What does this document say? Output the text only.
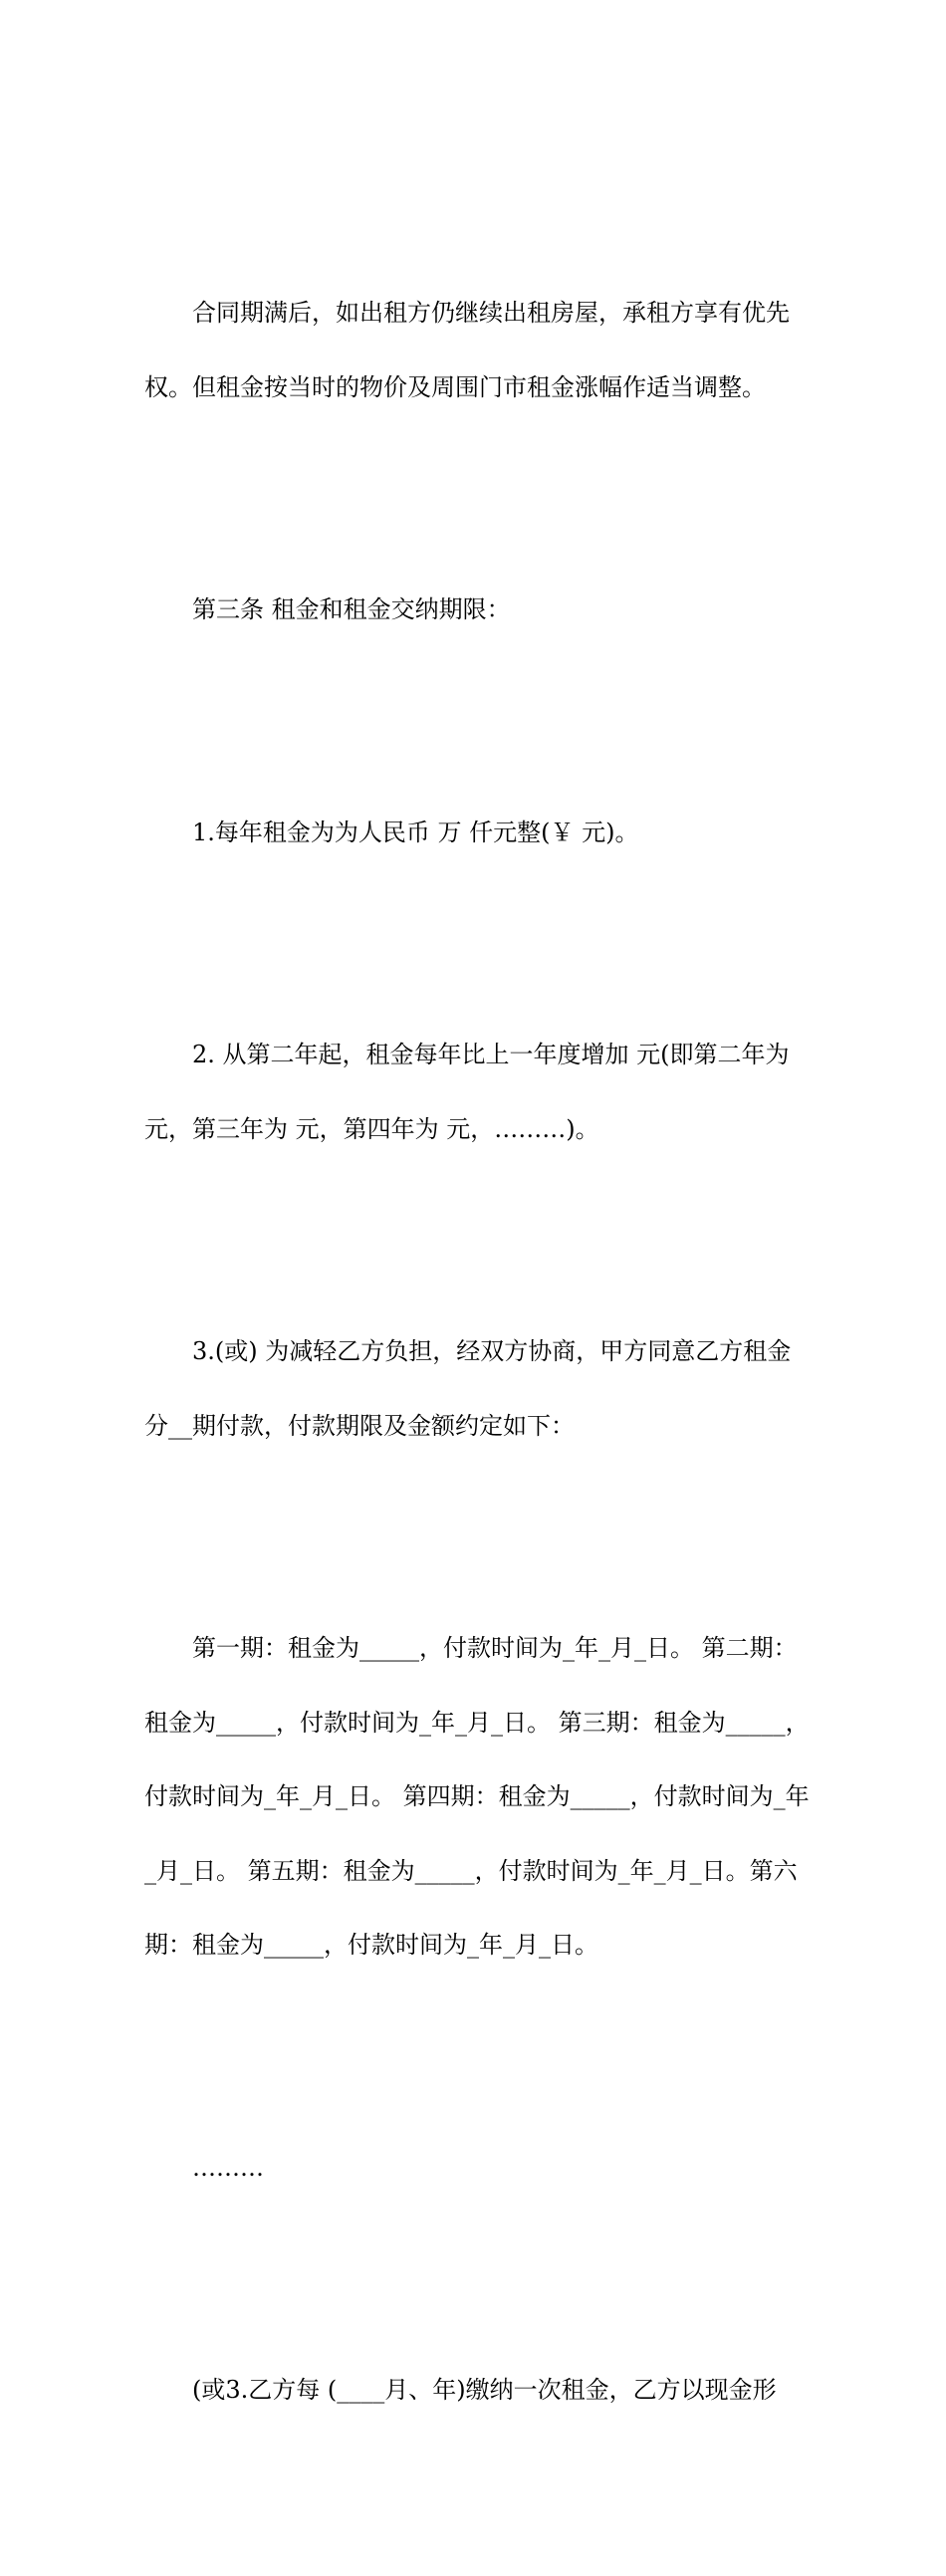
合同期满后，如出租方仍继续出租房屋，承租方享有优先权。但租金按当时的物价及周围门市租金涨幅作适当调整。

第三条 租金和租金交纳期限：

1.每年租金为为人民币 万 仟元整(￥ 元)。

2. 从第二年起，租金每年比上一年度增加 元(即第二年为元，第三年为 元，第四年为 元，………)。

3.(或) 为减轻乙方负担，经双方协商，甲方同意乙方租金分__期付款，付款期限及金额约定如下：

第一期：租金为_____，付款时间为_年_月_日。 第二期：租金为_____，付款时间为_年_月_日。 第三期：租金为_____，付款时间为_年_月_日。 第四期：租金为_____，付款时间为_年_月_日。 第五期：租金为_____，付款时间为_年_月_日。第六期：租金为_____，付款时间为_年_月_日。

………

(或3.乙方每 (____月、年)缴纳一次租金，乙方以现金形
